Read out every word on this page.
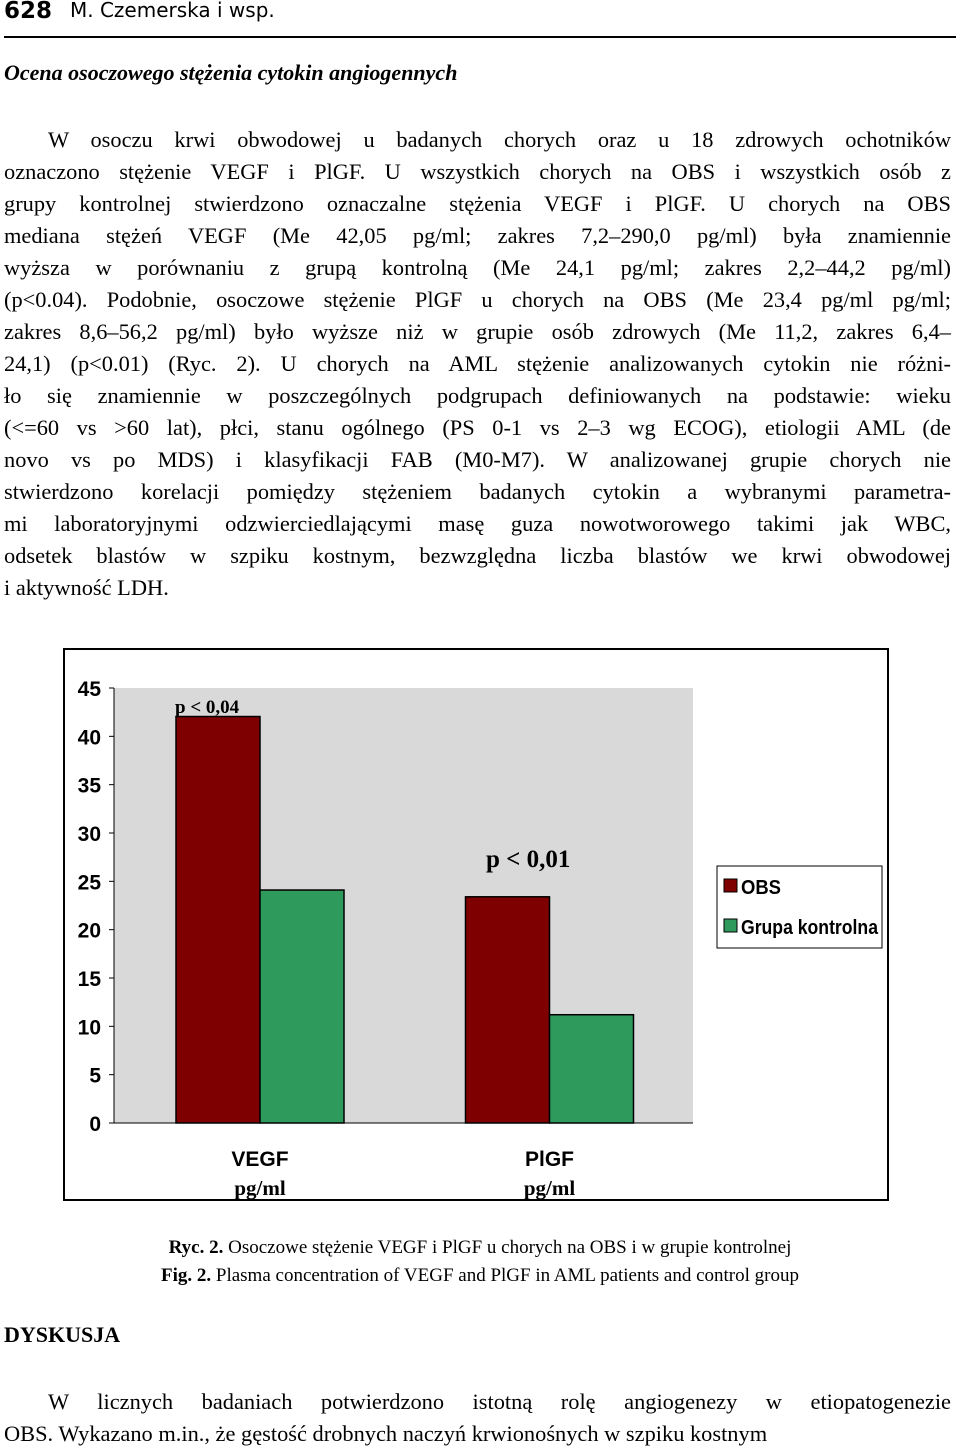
628 M. Czemerska i wsp.
Ocena osoczowego stężenia cytokin angiogennych
W osoczu krwi obwodowej u badanych chorych oraz u 18 zdrowych ochotników
oznaczono stężenie VEGF i PlGF. U wszystkich chorych na OBS i wszystkich osób z
grupy kontrolnej stwierdzono oznaczalne stężenia VEGF i PlGF. U chorych na OBS
mediana stężeń VEGF (Me 42,05 pg/ml; zakres 7,2–290,0 pg/ml) była znamiennie
wyższa w porównaniu z grupą kontrolną (Me 24,1 pg/ml; zakres 2,2–44,2 pg/ml)
(p<0.04). Podobnie, osoczowe stężenie PlGF u chorych na OBS (Me 23,4 pg/ml pg/ml;
zakres 8,6–56,2 pg/ml) było wyższe niż w grupie osób zdrowych (Me 11,2, zakres 6,4–
24,1) (p<0.01) (Ryc. 2). U chorych na AML stężenie analizowanych cytokin nie różni-
ło się znamiennie w poszczególnych podgrupach definiowanych na podstawie: wieku
(<=60 vs >60 lat), płci, stanu ogólnego (PS 0-1 vs 2–3 wg ECOG), etiologii AML (de
novo vs po MDS) i klasyfikacji FAB (M0-M7). W analizowanej grupie chorych nie
stwierdzono korelacji pomiędzy stężeniem badanych cytokin a wybranymi parametra-
mi laboratoryjnymi odzwierciedlającymi masę guza nowotworowego takimi jak WBC,
odsetek blastów w szpiku kostnym, bezwzględna liczba blastów we krwi obwodowej
i aktywność LDH.
0
5
10
15
20
25
30
35
40
45
VEGF
pg/ml
PlGF
pg/ml
p < 0,04
p < 0,01
OBS
Grupa kontrolna
Ryc. 2. Osoczowe stężenie VEGF i PlGF u chorych na OBS i w grupie kontrolnej
Fig. 2. Plasma concentration of VEGF and PlGF in AML patients and control group
DYSKUSJA
W licznych badaniach potwierdzono istotną rolę angiogenezy w etiopatogenezie
OBS. Wykazano m.in., że gęstość drobnych naczyń krwionośnych w szpiku kostnym
